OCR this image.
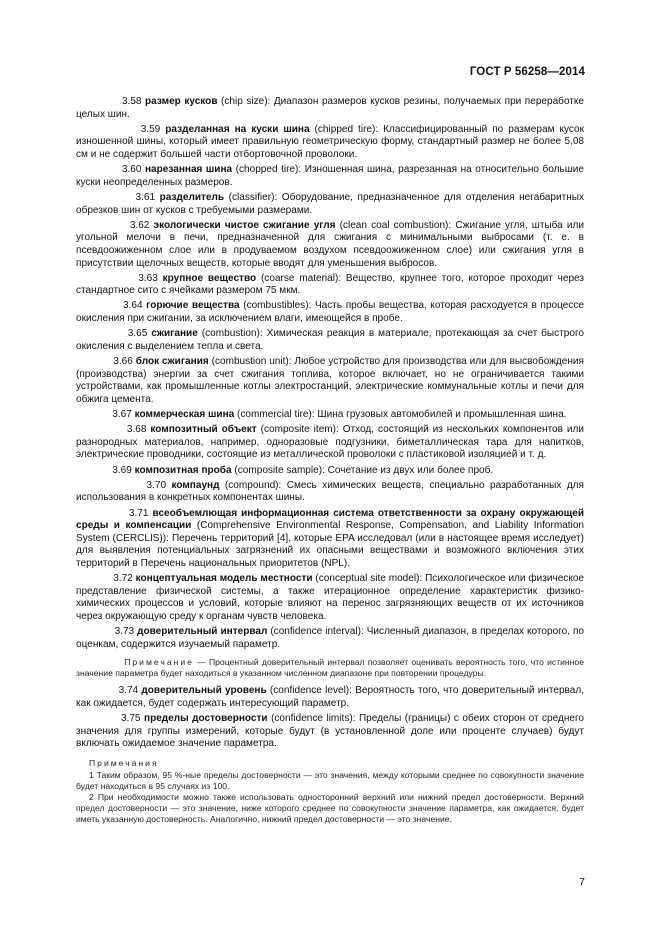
ГОСТ Р 56258—2014

3.58 размер кусков (chip size): Диапазон размеров кусков резины, получаемых при переработке целых шин.

3.59 разделанная на куски шина (chipped tire): Классифицированный по размерам кусок изношенной шины, который имеет правильную геометрическую форму, стандартный размер не более 5,08 см и не содержит большей части отбортовочной проволоки.

3.60 нарезанная шина (chopped tire): Изношенная шина, разрезанная на относительно большие куски неопределенных размеров.

3.61 разделитель (classifier): Оборудование, предназначенное для отделения негабаритных обрезков шин от кусков с требуемыми размерами.

3.62 экологически чистое сжигание угля (clean coal combustion): Сжигание угля, штыба или угольной мелочи в печи, предназначенной для сжигания с минимальными выбросами (т. е. в псевдоожиженном слое или в продуваемом воздухом псевдоожиженном слое) или сжигания угля в присутствии щелочных веществ, которые вводят для уменьшения выбросов.

3.63 крупное вещество (coarse material): Вещество, крупнее того, которое проходит через стандартное сито с ячейками размером 75 мкм.

3.64 горючие вещества (combustibles): Часть пробы вещества, которая расходуется в процессе окисления при сжигании, за исключением влаги, имеющейся в пробе.

3.65 сжигание (combustion): Химическая реакция в материале, протекающая за счет быстрого окисления с выделением тепла и света.

3.66 блок сжигания (combustion unit): Любое устройство для производства или для высвобождения (производства) энергии за счет сжигания топлива, которое включает, но не ограничивается такими устройствами, как промышленные котлы электростанций, электрические коммунальные котлы и печи для обжига цемента.

3.67 коммерческая шина (commercial tire): Шина грузовых автомобилей и промышленная шина.

3.68 композитный объект (composite item): Отход, состоящий из нескольких компонентов или разнородных материалов, например, одноразовые подгузники, биметаллическая тара для напитков, электрические проводники, состоящие из металлической проволоки с пластиковой изоляцией и т. д.

3.69 композитная проба (composite sample): Сочетание из двух или более проб.

3.70 компаунд (compound): Смесь химических веществ, специально разработанных для использования в конкретных компонентах шины.

3.71 всеобъемлющая информационная система ответственности за охрану окружающей среды и компенсации (Comprehensive Environmental Response, Compensation, and Liability Information System (CERCLIS)): Перечень территорий [4], которые EPA исследовал (или в настоящее время исследует) для выявления потенциальных загрязнений их опасными веществами и возможного включения этих территорий в Перечень национальных приоритетов (NPL).

3.72 концептуальная модель местности (conceptual site model): Психологическое или физическое представление физической системы, а также итерационное определение характеристик физико-химических процессов и условий, которые влияют на перенос загрязняющих веществ от их источников через окружающую среду к органам чувств человека.

3.73 доверительный интервал (confidence interval): Численный диапазон, в пределах которого, по оценкам, содержится изучаемый параметр.

Примечание — Процентный доверительный интервал позволяет оценивать вероятность того, что истинное значение параметра будет находиться в указанном численном диапазоне при повторении процедуры.

3.74 доверительный уровень (confidence level): Вероятность того, что доверительный интервал, как ожидается, будет содержать интересующий параметр.

3.75 пределы достоверности (confidence limits): Пределы (границы) с обеих сторон от среднего значения для группы измерений, которые будут (в установленной доле или проценте случаев) будут включать ожидаемое значение параметра.

Примечания

1 Таким образом, 95 %-ные пределы достоверности — это значения, между которыми среднее по совокупности значение будет находиться в 95 случаях из 100.

2 При необходимости можно также использовать односторонний верхний или нижний предел достоверности. Верхний предел достоверности — это значение, ниже которого среднее по совокупности значение параметра, как ожидается, будет иметь указанную достоверность. Аналогично, нижний предел достоверности — это значение,

7
